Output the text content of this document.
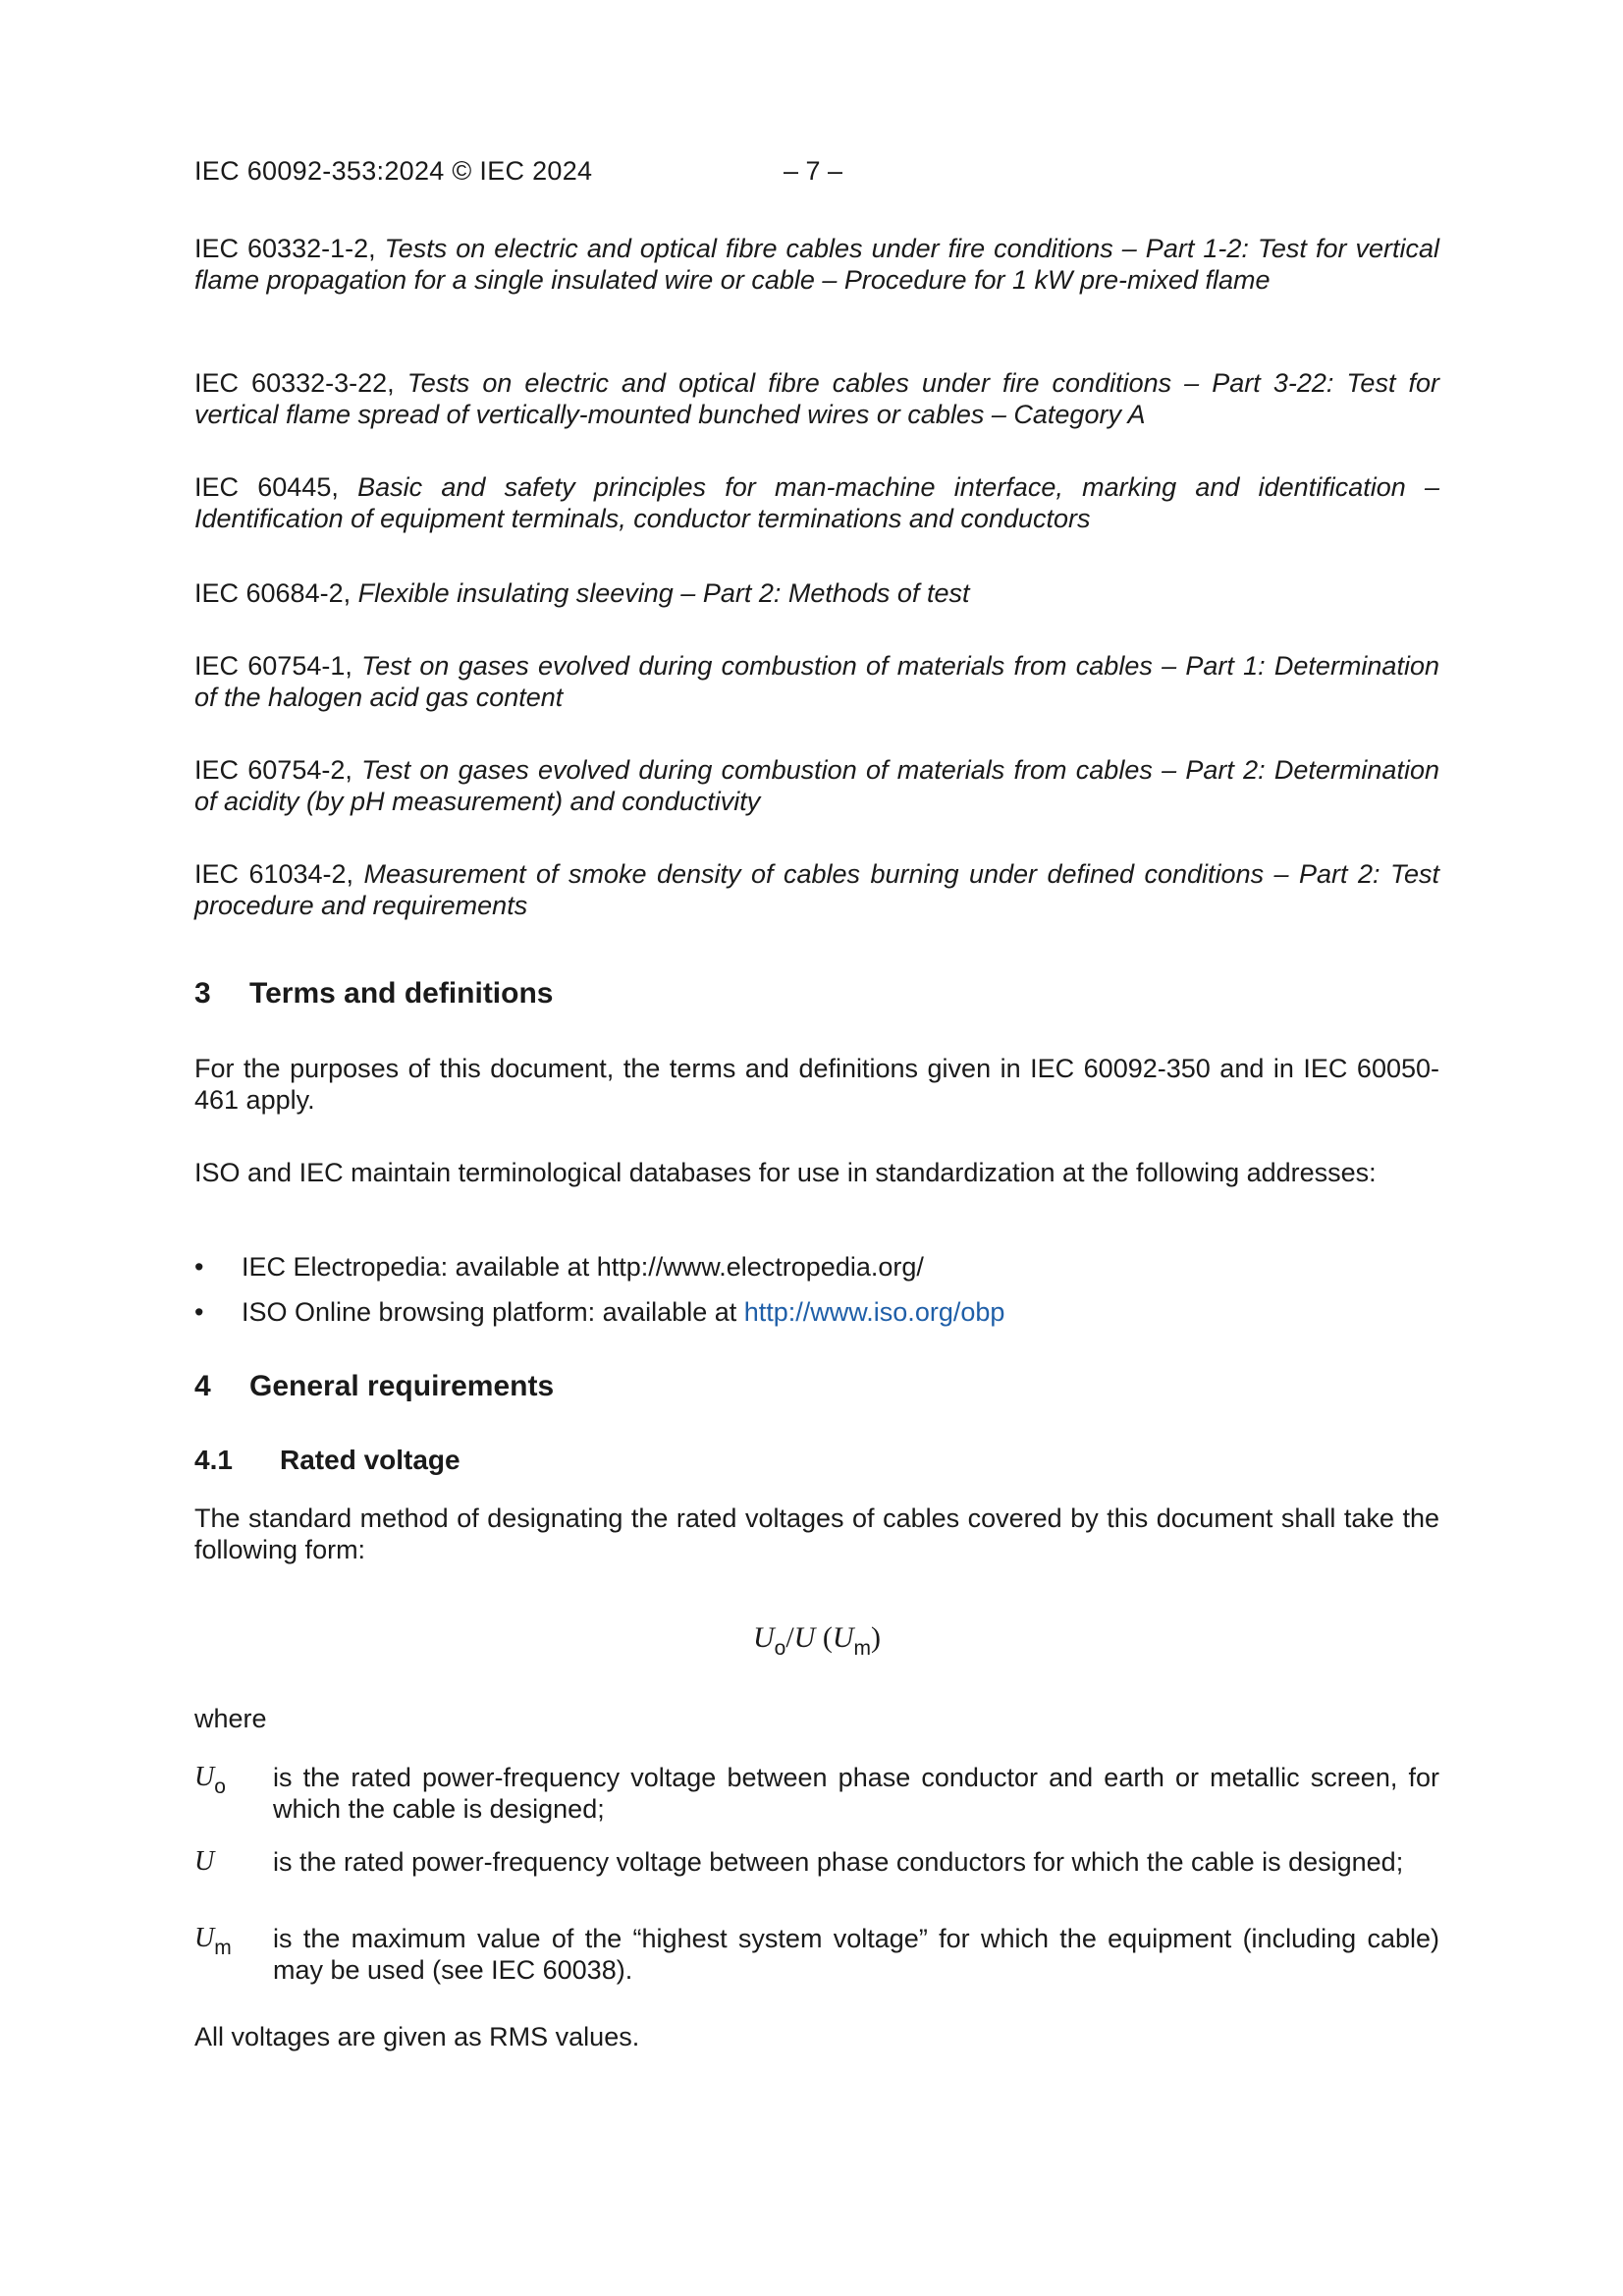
IEC 60092-353:2024 © IEC 2024	– 7 –
IEC 60332-1-2, Tests on electric and optical fibre cables under fire conditions – Part 1-2: Test for vertical flame propagation for a single insulated wire or cable – Procedure for 1 kW pre-mixed flame
IEC 60332-3-22, Tests on electric and optical fibre cables under fire conditions – Part 3-22: Test for vertical flame spread of vertically-mounted bunched wires or cables – Category A
IEC 60445, Basic and safety principles for man-machine interface, marking and identification – Identification of equipment terminals, conductor terminations and conductors
IEC 60684-2, Flexible insulating sleeving – Part 2: Methods of test
IEC 60754-1, Test on gases evolved during combustion of materials from cables – Part 1: Determination of the halogen acid gas content
IEC 60754-2, Test on gases evolved during combustion of materials from cables – Part 2: Determination of acidity (by pH measurement) and conductivity
IEC 61034-2, Measurement of smoke density of cables burning under defined conditions – Part 2: Test procedure and requirements
3 Terms and definitions
For the purposes of this document, the terms and definitions given in IEC 60092-350 and in IEC 60050-461 apply.
ISO and IEC maintain terminological databases for use in standardization at the following addresses:
•	IEC Electropedia: available at http://www.electropedia.org/
•	ISO Online browsing platform: available at http://www.iso.org/obp
4 General requirements
4.1 Rated voltage
The standard method of designating the rated voltages of cables covered by this document shall take the following form:
$U_o/U$ $(U_m)$
where
$U_o$	is the rated power-frequency voltage between phase conductor and earth or metallic screen, for which the cable is designed;
U	is the rated power-frequency voltage between phase conductors for which the cable is designed;
$U_m$	is the maximum value of the “highest system voltage” for which the equipment (including cable) may be used (see IEC 60038).
All voltages are given as RMS values.
